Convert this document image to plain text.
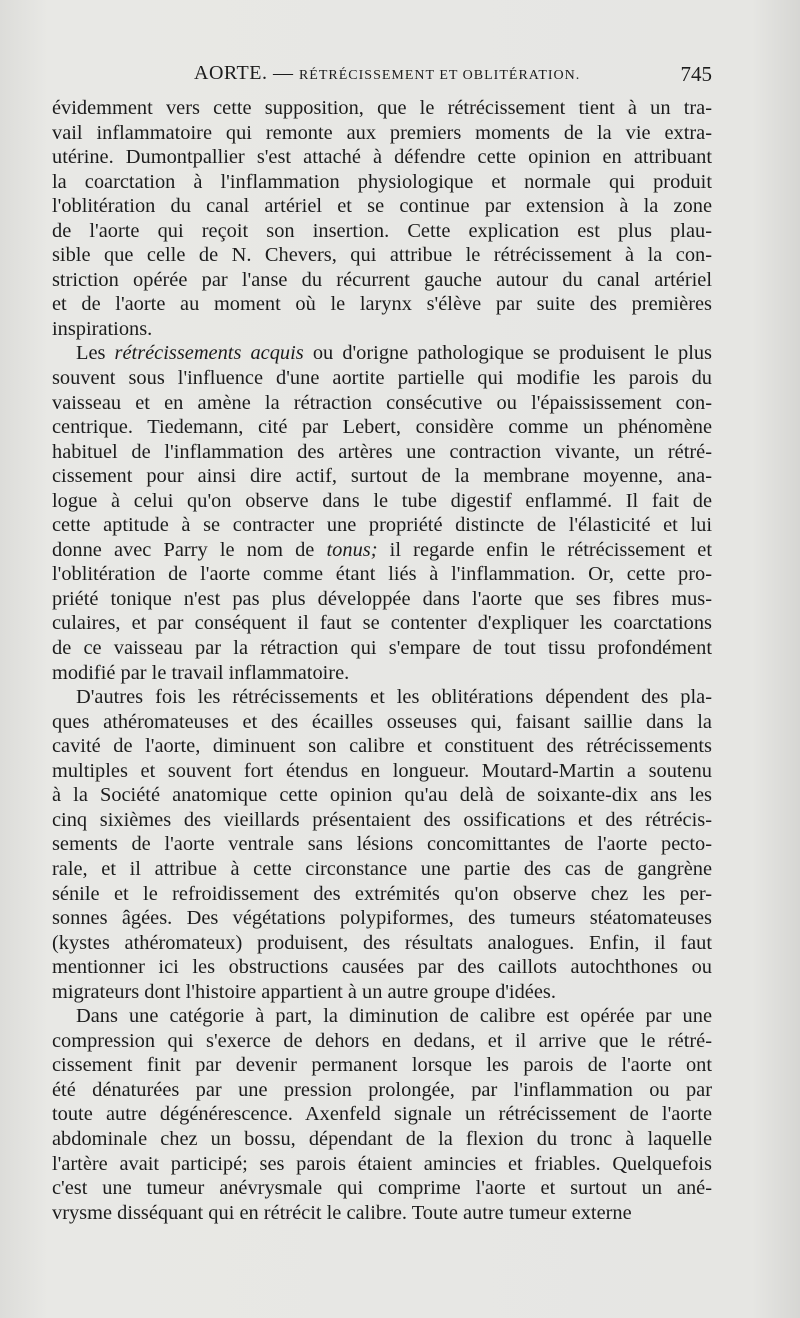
AORTE. — RÉTRÉCISSEMENT ET OBLITÉRATION.	745
évidemment vers cette supposition, que le rétrécissement tient à un tra-
vail inflammatoire qui remonte aux premiers moments de la vie extra-
utérine. Dumontpallier s'est attaché à défendre cette opinion en attribuant
la coarctation à l'inflammation physiologique et normale qui produit
l'oblitération du canal artériel et se continue par extension à la zone
de l'aorte qui reçoit son insertion. Cette explication est plus plau-
sible que celle de N. Chevers, qui attribue le rétrécissement à la con-
striction opérée par l'anse du récurrent gauche autour du canal artériel
et de l'aorte au moment où le larynx s'élève par suite des premières
inspirations.
Les rétrécissements acquis ou d'origne pathologique se produisent le plus
souvent sous l'influence d'une aortite partielle qui modifie les parois du
vaisseau et en amène la rétraction consécutive ou l'épaississement con-
centrique. Tiedemann, cité par Lebert, considère comme un phénomène
habituel de l'inflammation des artères une contraction vivante, un rétré-
cissement pour ainsi dire actif, surtout de la membrane moyenne, ana-
logue à celui qu'on observe dans le tube digestif enflammé. Il fait de
cette aptitude à se contracter une propriété distincte de l'élasticité et lui
donne avec Parry le nom de tonus; il regarde enfin le rétrécissement et
l'oblitération de l'aorte comme étant liés à l'inflammation. Or, cette pro-
priété tonique n'est pas plus développée dans l'aorte que ses fibres mus-
culaires, et par conséquent il faut se contenter d'expliquer les coarctations
de ce vaisseau par la rétraction qui s'empare de tout tissu profondément
modifié par le travail inflammatoire.
D'autres fois les rétrécissements et les oblitérations dépendent des pla-
ques athéromateuses et des écailles osseuses qui, faisant saillie dans la
cavité de l'aorte, diminuent son calibre et constituent des rétrécissements
multiples et souvent fort étendus en longueur. Moutard-Martin a soutenu
à la Société anatomique cette opinion qu'au delà de soixante-dix ans les
cinq sixièmes des vieillards présentaient des ossifications et des rétrécis-
sements de l'aorte ventrale sans lésions concomittantes de l'aorte pecto-
rale, et il attribue à cette circonstance une partie des cas de gangrène
sénile et le refroidissement des extrémités qu'on observe chez les per-
sonnes âgées. Des végétations polypiformes, des tumeurs stéatomateuses
(kystes athéromateux) produisent, des résultats analogues. Enfin, il faut
mentionner ici les obstructions causées par des caillots autochthones ou
migrateurs dont l'histoire appartient à un autre groupe d'idées.
Dans une catégorie à part, la diminution de calibre est opérée par une
compression qui s'exerce de dehors en dedans, et il arrive que le rétré-
cissement finit par devenir permanent lorsque les parois de l'aorte ont
été dénaturées par une pression prolongée, par l'inflammation ou par
toute autre dégénérescence. Axenfeld signale un rétrécissement de l'aorte
abdominale chez un bossu, dépendant de la flexion du tronc à laquelle
l'artère avait participé; ses parois étaient amincies et friables. Quelquefois
c'est une tumeur anévrysmale qui comprime l'aorte et surtout un ané-
vrysme disséquant qui en rétrécit le calibre. Toute autre tumeur externe
